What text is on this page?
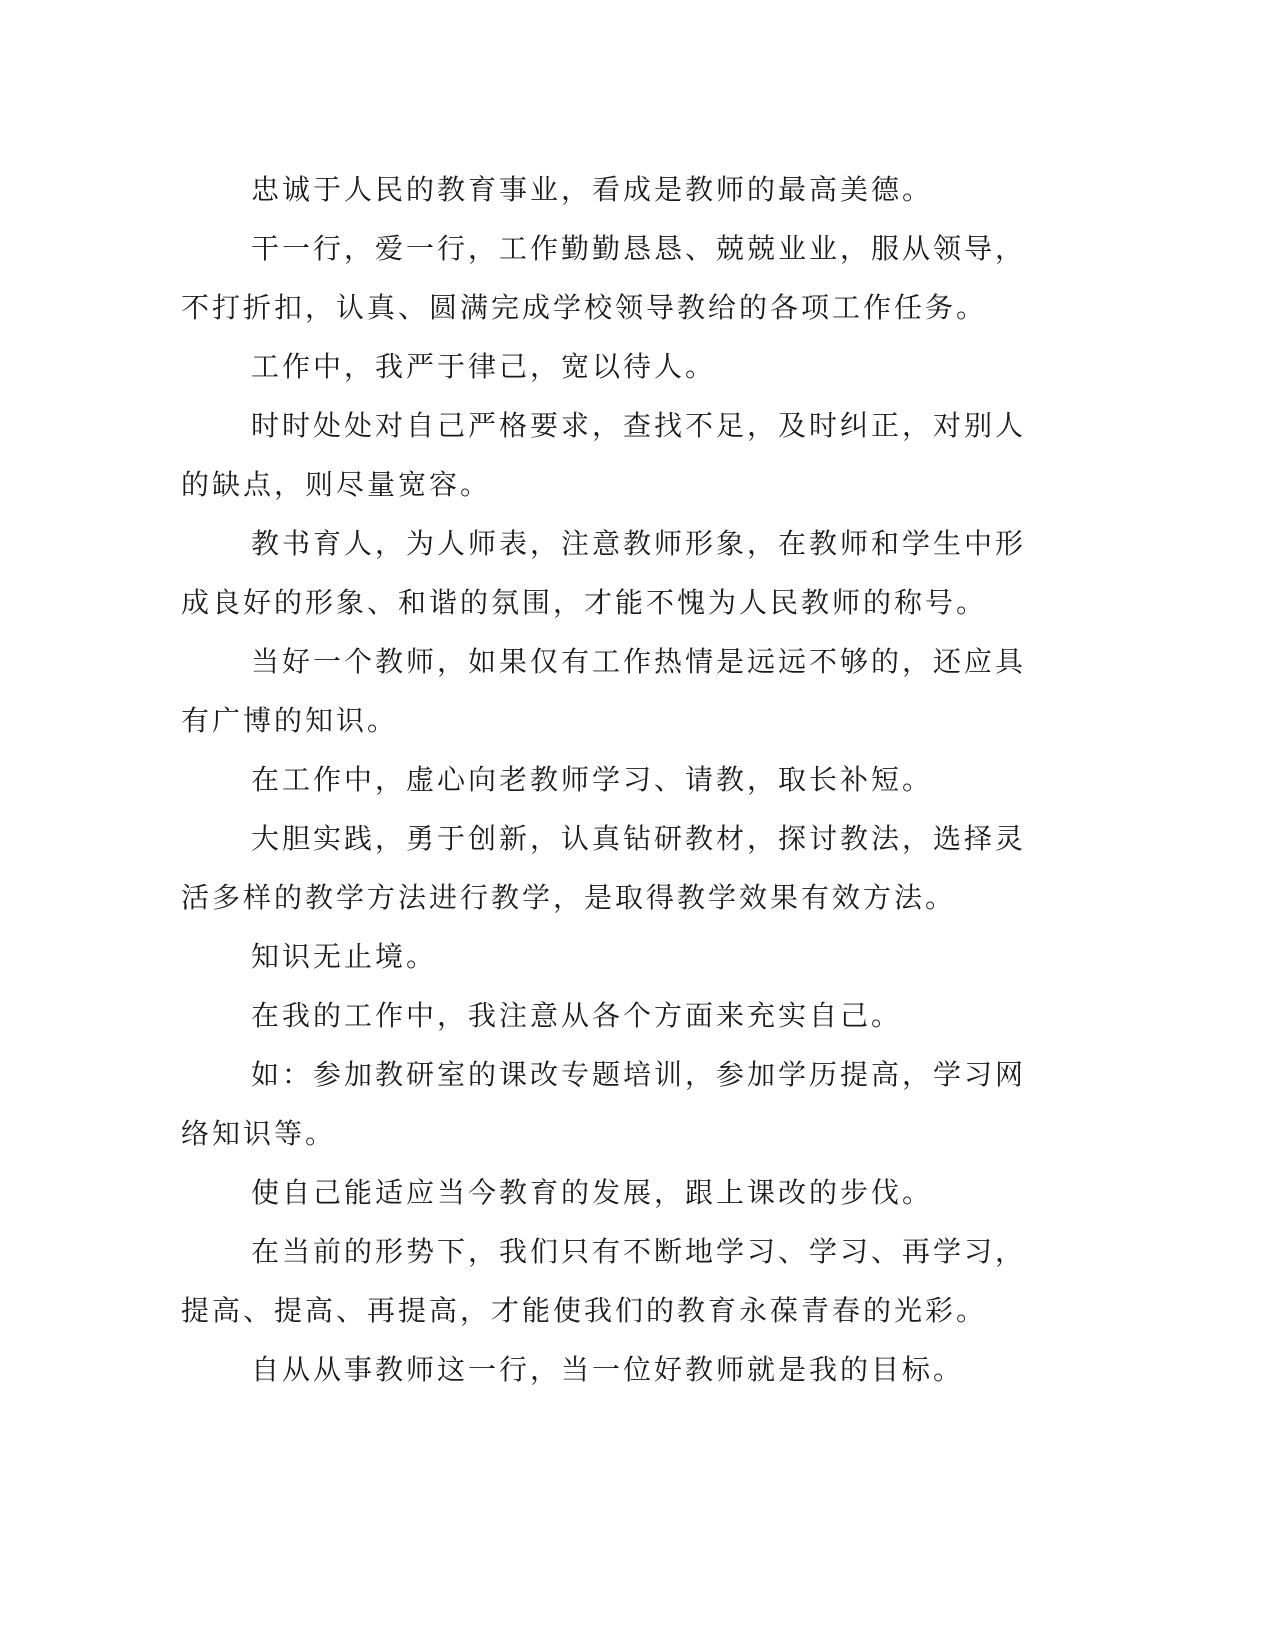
忠诚于人民的教育事业，看成是教师的最高美德。

干一行，爱一行，工作勤勤恳恳、兢兢业业，服从领导，不打折扣，认真、圆满完成学校领导教给的各项工作任务。

工作中，我严于律己，宽以待人。

时时处处对自己严格要求，查找不足，及时纠正，对别人的缺点，则尽量宽容。

教书育人，为人师表，注意教师形象，在教师和学生中形成良好的形象、和谐的氛围，才能不愧为人民教师的称号。

当好一个教师，如果仅有工作热情是远远不够的，还应具有广博的知识。

在工作中，虚心向老教师学习、请教，取长补短。

大胆实践，勇于创新，认真钻研教材，探讨教法，选择灵活多样的教学方法进行教学，是取得教学效果有效方法。

知识无止境。

在我的工作中，我注意从各个方面来充实自己。

如：参加教研室的课改专题培训，参加学历提高，学习网络知识等。

使自己能适应当今教育的发展，跟上课改的步伐。

在当前的形势下，我们只有不断地学习、学习、再学习，提高、提高、再提高，才能使我们的教育永葆青春的光彩。

自从从事教师这一行，当一位好教师就是我的目标。
